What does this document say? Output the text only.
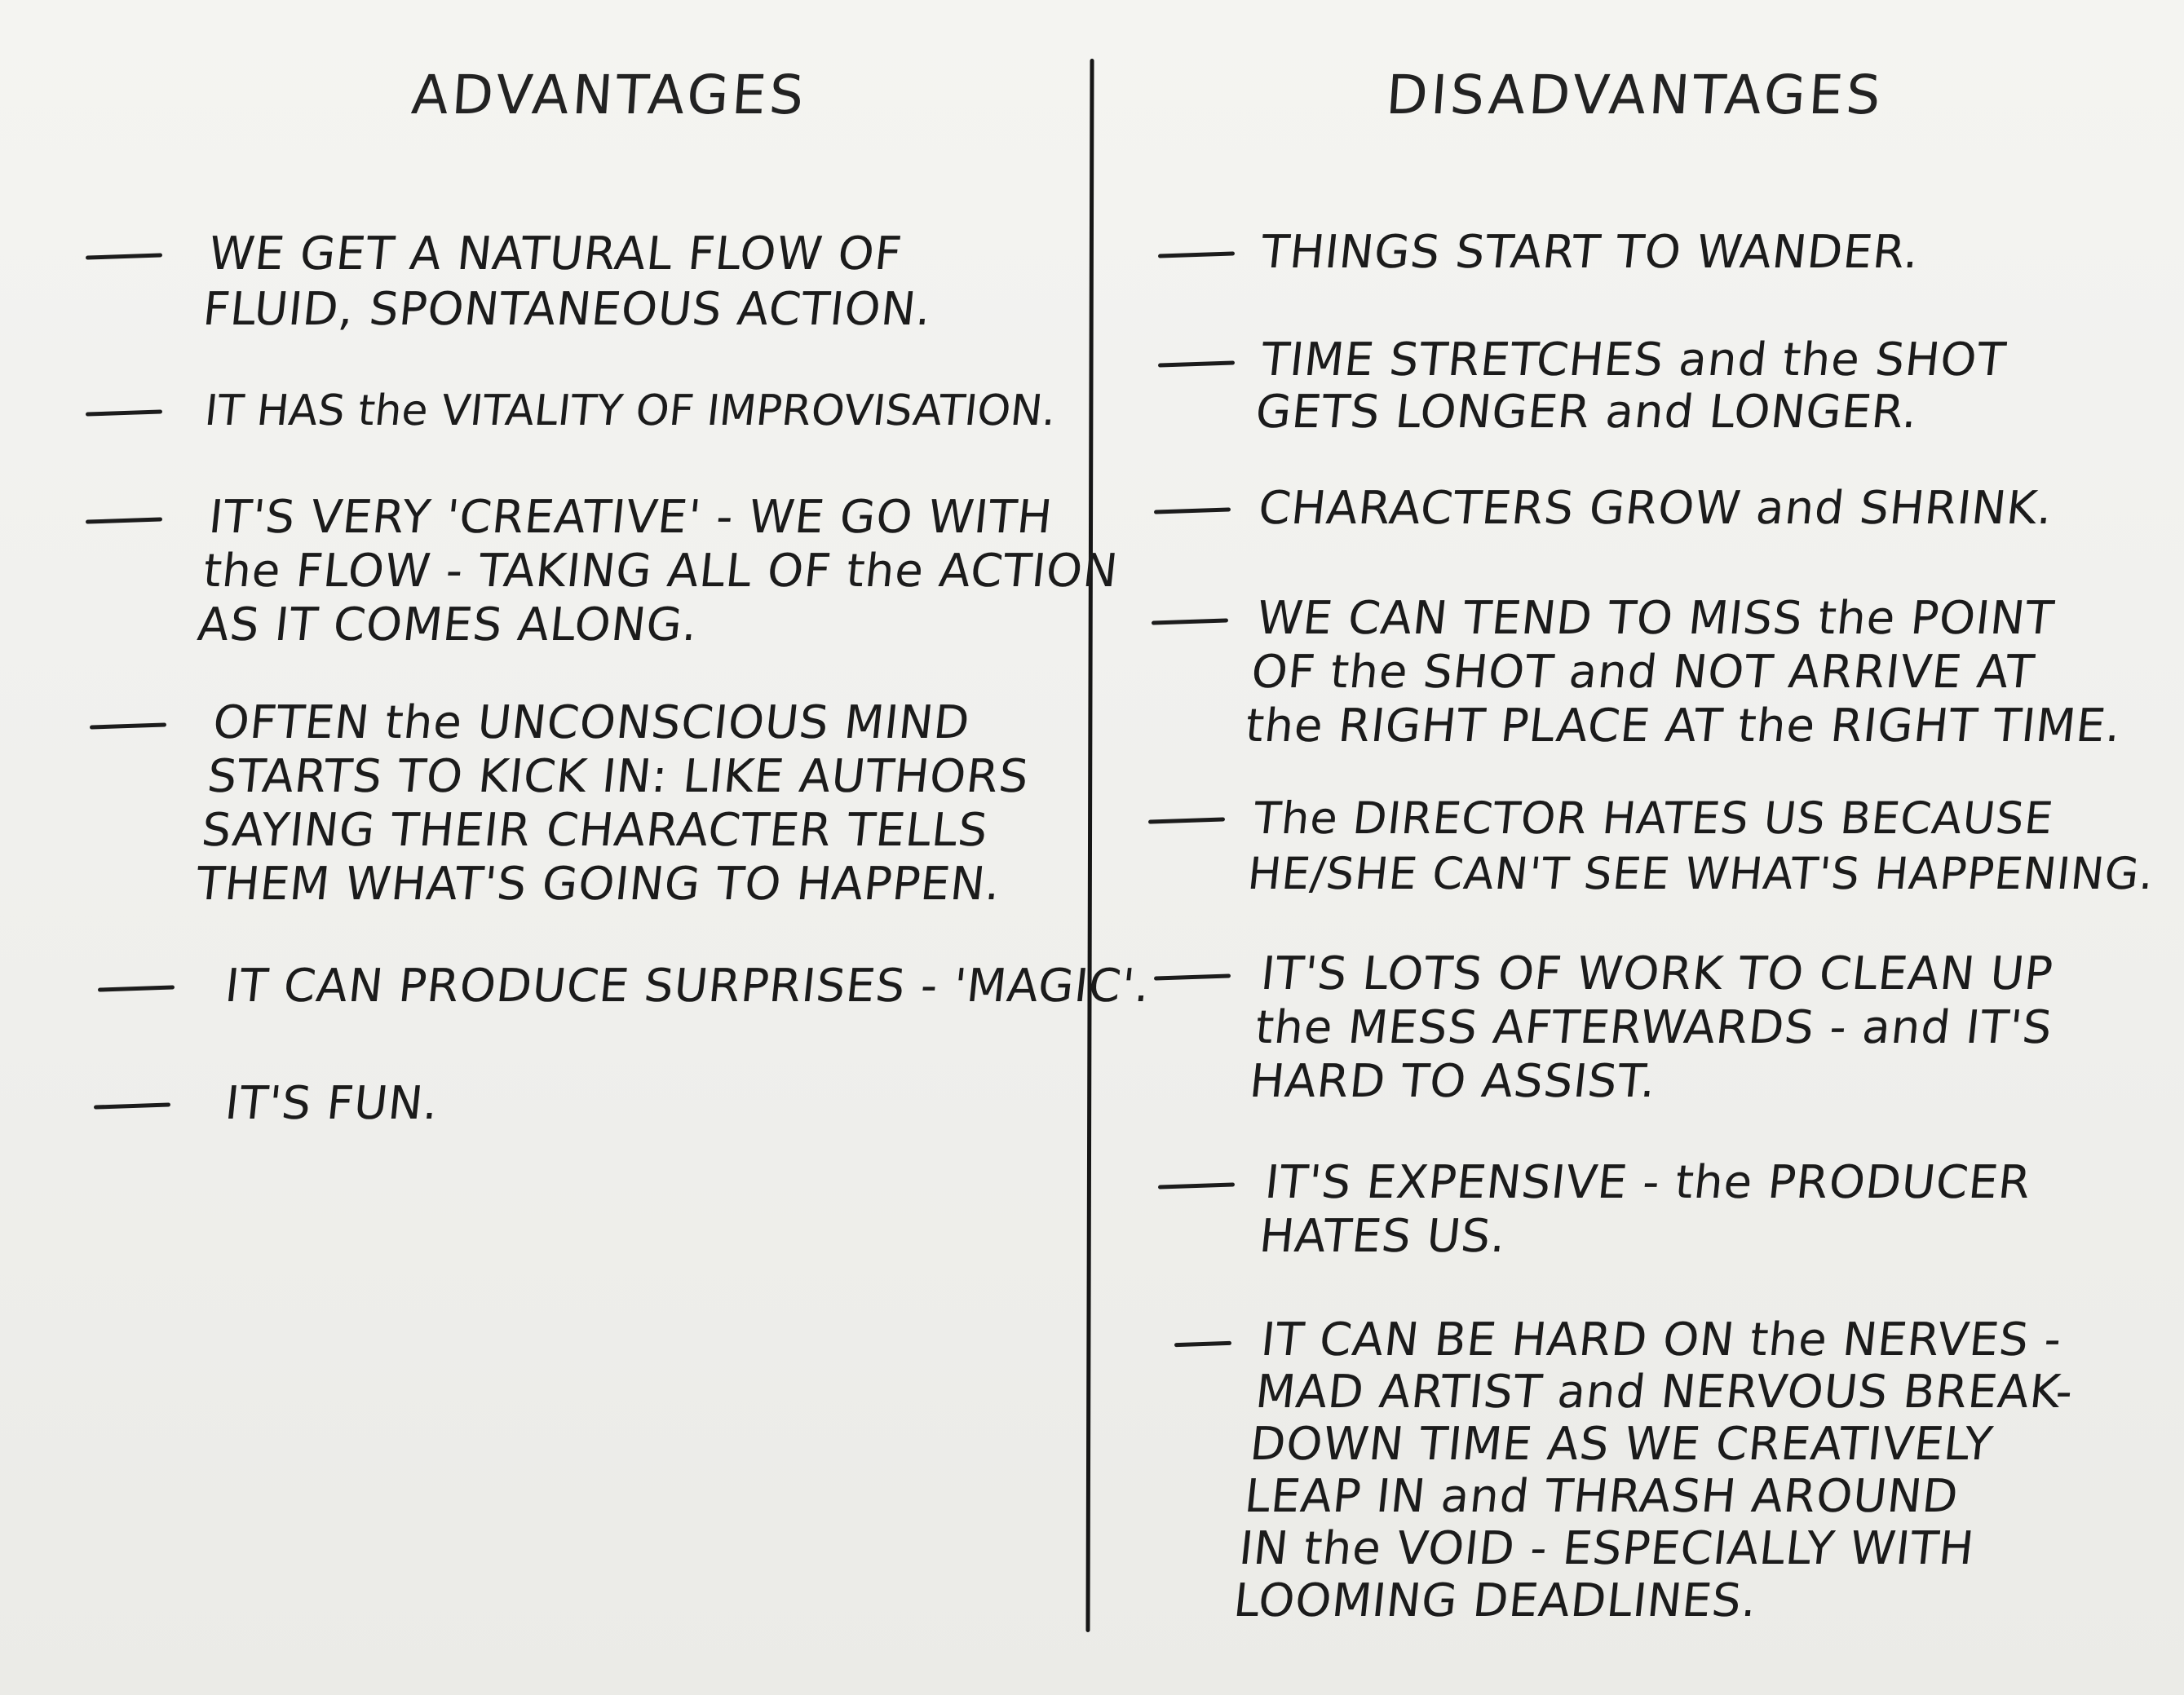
ADVANTAGES	DISADVANTAGES
WE GET A NATURAL FLOW OF
FLUID, SPONTANEOUS ACTION.
IT HAS the VITALITY OF IMPROVISATION.
IT'S VERY 'CREATIVE' - WE GO WITH
the FLOW - TAKING ALL OF the ACTION
AS IT COMES ALONG.
OFTEN the UNCONSCIOUS MIND
STARTS TO KICK IN: LIKE AUTHORS
SAYING THEIR CHARACTER TELLS
THEM WHAT'S GOING TO HAPPEN.
IT CAN PRODUCE SURPRISES - 'MAGIC'.
IT'S FUN.
THINGS START TO WANDER.
TIME STRETCHES and the SHOT
GETS LONGER and LONGER.
CHARACTERS GROW and SHRINK.
WE CAN TEND TO MISS the POINT
OF the SHOT and NOT ARRIVE AT
the RIGHT PLACE AT the RIGHT TIME.
The DIRECTOR HATES US BECAUSE
HE/SHE CAN'T SEE WHAT'S HAPPENING.
IT'S LOTS OF WORK TO CLEAN UP
the MESS AFTERWARDS - and IT'S
HARD TO ASSIST.
IT'S EXPENSIVE - the PRODUCER
HATES US.
IT CAN BE HARD ON the NERVES -
MAD ARTIST and NERVOUS BREAK-
DOWN TIME AS WE CREATIVELY
LEAP IN and THRASH AROUND
IN the VOID - ESPECIALLY WITH
LOOMING DEADLINES.
